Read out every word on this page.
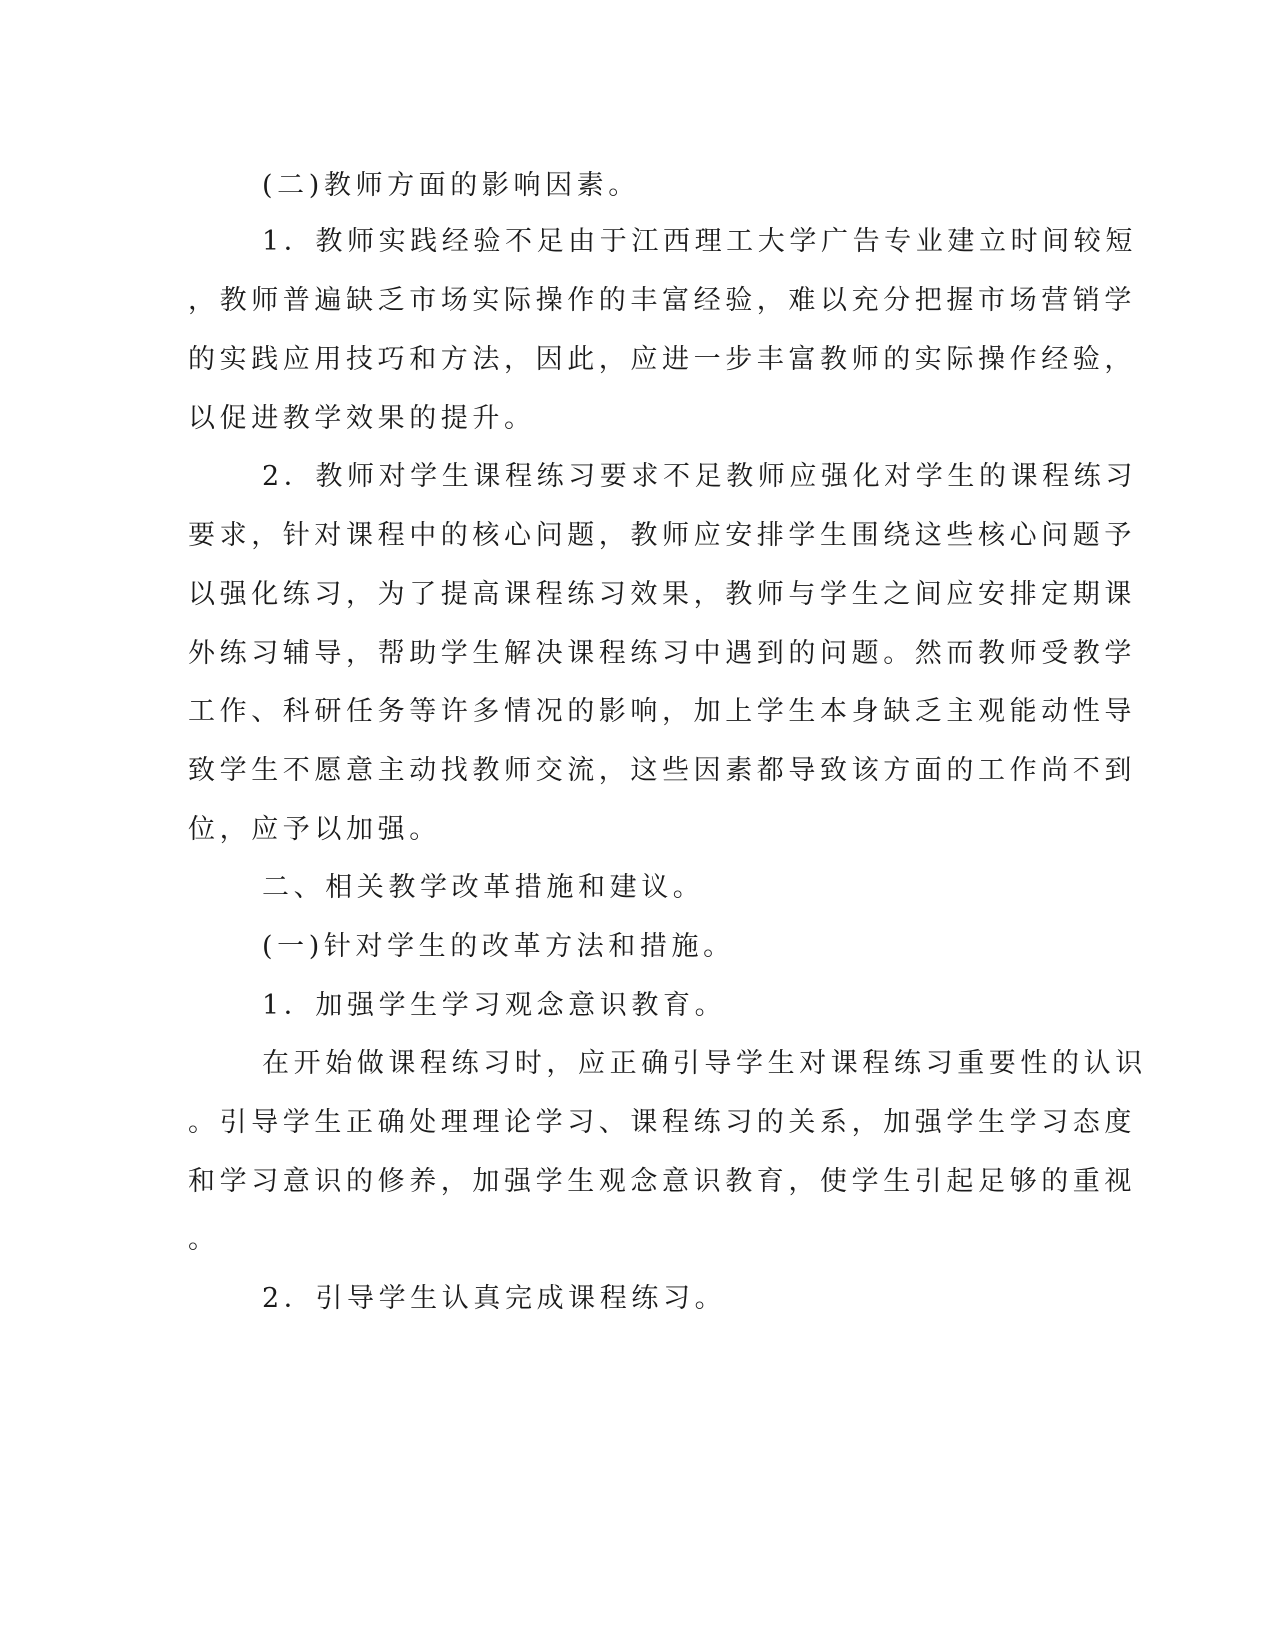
(二)教师方面的影响因素。
1．教师实践经验不足由于江西理工大学广告专业建立时间较短
，教师普遍缺乏市场实际操作的丰富经验，难以充分把握市场营销学
的实践应用技巧和方法，因此，应进一步丰富教师的实际操作经验，
以促进教学效果的提升。
2．教师对学生课程练习要求不足教师应强化对学生的课程练习
要求，针对课程中的核心问题，教师应安排学生围绕这些核心问题予
以强化练习，为了提高课程练习效果，教师与学生之间应安排定期课
外练习辅导，帮助学生解决课程练习中遇到的问题。然而教师受教学
工作、科研任务等许多情况的影响，加上学生本身缺乏主观能动性导
致学生不愿意主动找教师交流，这些因素都导致该方面的工作尚不到
位，应予以加强。
二、相关教学改革措施和建议。
(一)针对学生的改革方法和措施。
1．加强学生学习观念意识教育。
在开始做课程练习时，应正确引导学生对课程练习重要性的认识
。引导学生正确处理理论学习、课程练习的关系，加强学生学习态度
和学习意识的修养，加强学生观念意识教育，使学生引起足够的重视
。
2．引导学生认真完成课程练习。
